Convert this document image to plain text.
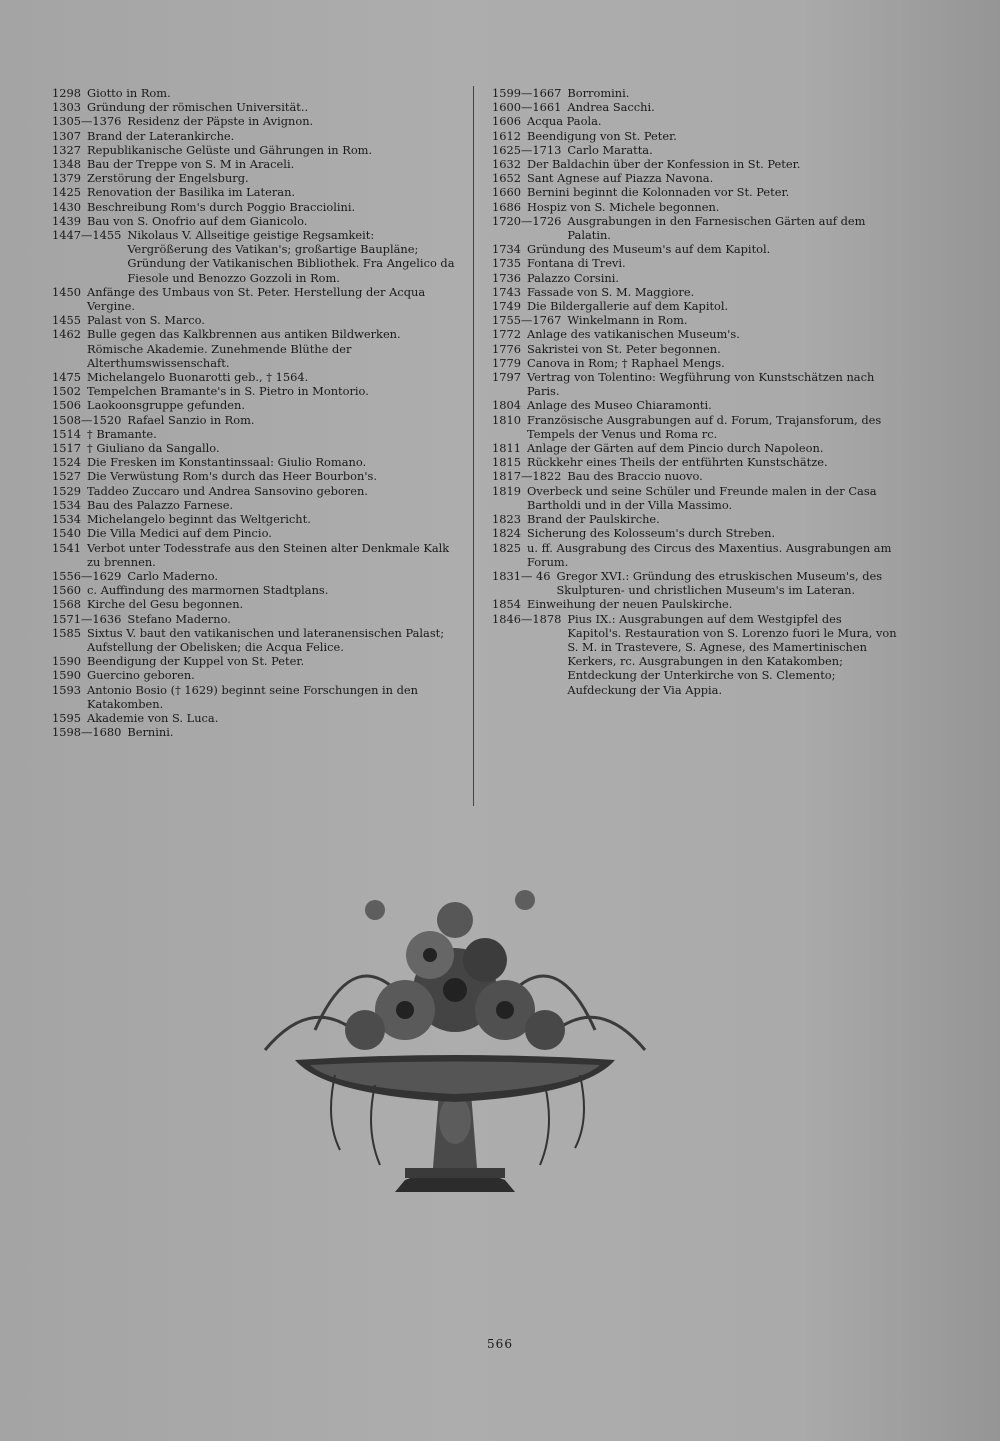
1298 Giotto in Rom.
1303 Gründung der römischen Universität..
1305—1376 Residenz der Päpste in Avignon.
1307 Brand der Laterankirche.
1327 Republikanische Gelüste und Gährungen in Rom.
1348 Bau der Treppe von S. M in Araceli.
1379 Zerstörung der Engelsburg.
1425 Renovation der Basilika im Lateran.
1430 Beschreibung Rom's durch Poggio Bracciolini.
1439 Bau von S. Onofrio auf dem Gianicolo.
1447—1455 Nikolaus V. Allseitige geistige Regsamkeit: Vergrößerung des Vatikan's; großartige Baupläne; Gründung der Vatikanischen Bibliothek. Fra Angelico da Fiesole und Benozzo Gozzoli in Rom.
1450 Anfänge des Umbaus von St. Peter. Herstellung der Acqua Vergine.
1455 Palast von S. Marco.
1462 Bulle gegen das Kalkbrennen aus antiken Bildwerken. Römische Akademie. Zunehmende Blüthe der Alterthumswissenschaft.
1475 Michelangelo Buonarotti geb., † 1564.
1502 Tempelchen Bramante's in S. Pietro in Montorio.
1506 Laokoonsgruppe gefunden.
1508—1520 Rafael Sanzio in Rom.
1514 † Bramante.
1517 † Giuliano da Sangallo.
1524 Die Fresken im Konstantinssaal: Giulio Romano.
1527 Die Verwüstung Rom's durch das Heer Bourbon's.
1529 Taddeo Zuccaro und Andrea Sansovino geboren.
1534 Bau des Palazzo Farnese.
1534 Michelangelo beginnt das Weltgericht.
1540 Die Villa Medici auf dem Pincio.
1541 Verbot unter Todesstrafe aus den Steinen alter Denkmale Kalk zu brennen.
1556—1629 Carlo Maderno.
1560 c. Auffindung des marmornen Stadtplans.
1568 Kirche del Gesu begonnen.
1571—1636 Stefano Maderno.
1585 Sixtus V. baut den vatikanischen und lateranensischen Palast; Aufstellung der Obelisken; die Acqua Felice.
1590 Beendigung der Kuppel von St. Peter.
1590 Guercino geboren.
1593 Antonio Bosio († 1629) beginnt seine Forschungen in den Katakomben.
1595 Akademie von S. Luca.
1598—1680 Bernini.
1599—1667 Borromini.
1600—1661 Andrea Sacchi.
1606 Acqua Paola.
1612 Beendigung von St. Peter.
1625—1713 Carlo Maratta.
1632 Der Baldachin über der Konfession in St. Peter.
1652 Sant Agnese auf Piazza Navona.
1660 Bernini beginnt die Kolonnaden vor St. Peter.
1686 Hospiz von S. Michele begonnen.
1720—1726 Ausgrabungen in den Farnesischen Gärten auf dem Palatin.
1734 Gründung des Museum's auf dem Kapitol.
1735 Fontana di Trevi.
1736 Palazzo Corsini.
1743 Fassade von S. M. Maggiore.
1749 Die Bildergallerie auf dem Kapitol.
1755—1767 Winkelmann in Rom.
1772 Anlage des vatikanischen Museum's.
1776 Sakristei von St. Peter begonnen.
1779 Canova in Rom; † Raphael Mengs.
1797 Vertrag von Tolentino: Wegführung von Kunstschätzen nach Paris.
1804 Anlage des Museo Chiaramonti.
1810 Französische Ausgrabungen auf d. Forum, Trajansforum, des Tempels der Venus und Roma rc.
1811 Anlage der Gärten auf dem Pincio durch Napoleon.
1815 Rückkehr eines Theils der entführten Kunstschätze.
1817—1822 Bau des Braccio nuovo.
1819 Overbeck und seine Schüler und Freunde malen in der Casa Bartholdi und in der Villa Massimo.
1823 Brand der Paulskirche.
1824 Sicherung des Kolosseum's durch Streben.
1825 u. ff. Ausgrabung des Circus des Maxentius. Ausgrabungen am Forum.
1831— 46 Gregor XVI.: Gründung des etruskischen Museum's, des Skulpturen- und christlichen Museum's im Lateran.
1854 Einweihung der neuen Paulskirche.
1846—1878 Pius IX.: Ausgrabungen auf dem Westgipfel des Kapitol's. Restauration von S. Lorenzo fuori le Mura, von S. M. in Trastevere, S. Agnese, des Mamertinischen Kerkers, rc. Ausgrabungen in den Katakomben; Entdeckung der Unterkirche von S. Clemento; Aufdeckung der Via Appia.
566
